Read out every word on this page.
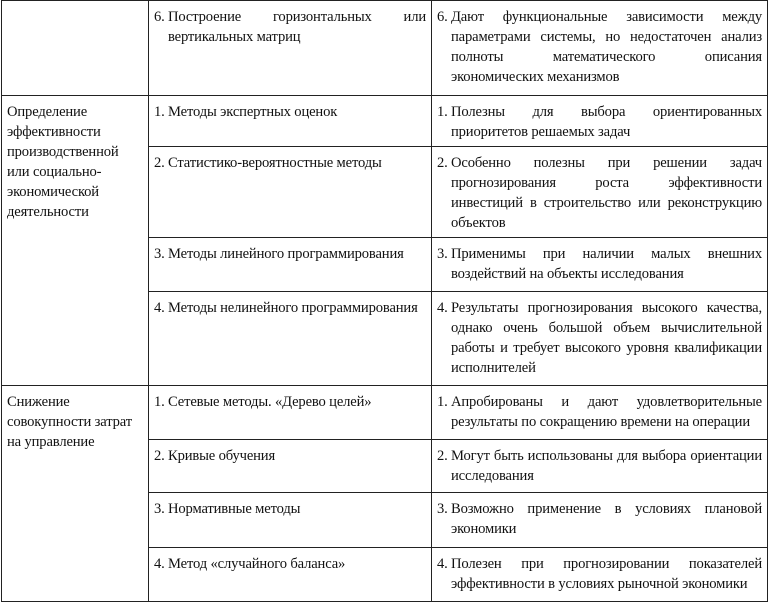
	6. Построение горизонтальных или вертикальных матриц	6. Дают функциональные зависимости между параметрами системы, но недостаточен анализ полноты математического описания экономических механизмов

Определение эффективности производственной или социально-экономической деятельности	1. Методы экспертных оценок	1. Полезны для выбора ориентированных приоритетов решаемых задач

	2. Статистико-вероятностные методы	2. Особенно полезны при решении задач прогнозирования роста эффективности инвестиций в строительство или реконструкцию объектов

	3. Методы линейного программирования	3. Применимы при наличии малых внешних воздействий на объекты исследования

	4. Методы нелинейного программирования	4. Результаты прогнозирования высокого качества, однако очень большой объем вычислительной работы и требует высокого уровня квалификации исполнителей

Снижение совокупности затрат на управление	1. Сетевые методы. «Дерево целей»	1. Апробированы и дают удовлетворительные результаты по сокращению времени на операции

	2. Кривые обучения	2. Могут быть использованы для выбора ориентации исследования

	3. Нормативные методы	3. Возможно применение в условиях плановой экономики

	4. Метод «случайного баланса»	4. Полезен при прогнозировании показателей эффективности в условиях рыночной экономики
